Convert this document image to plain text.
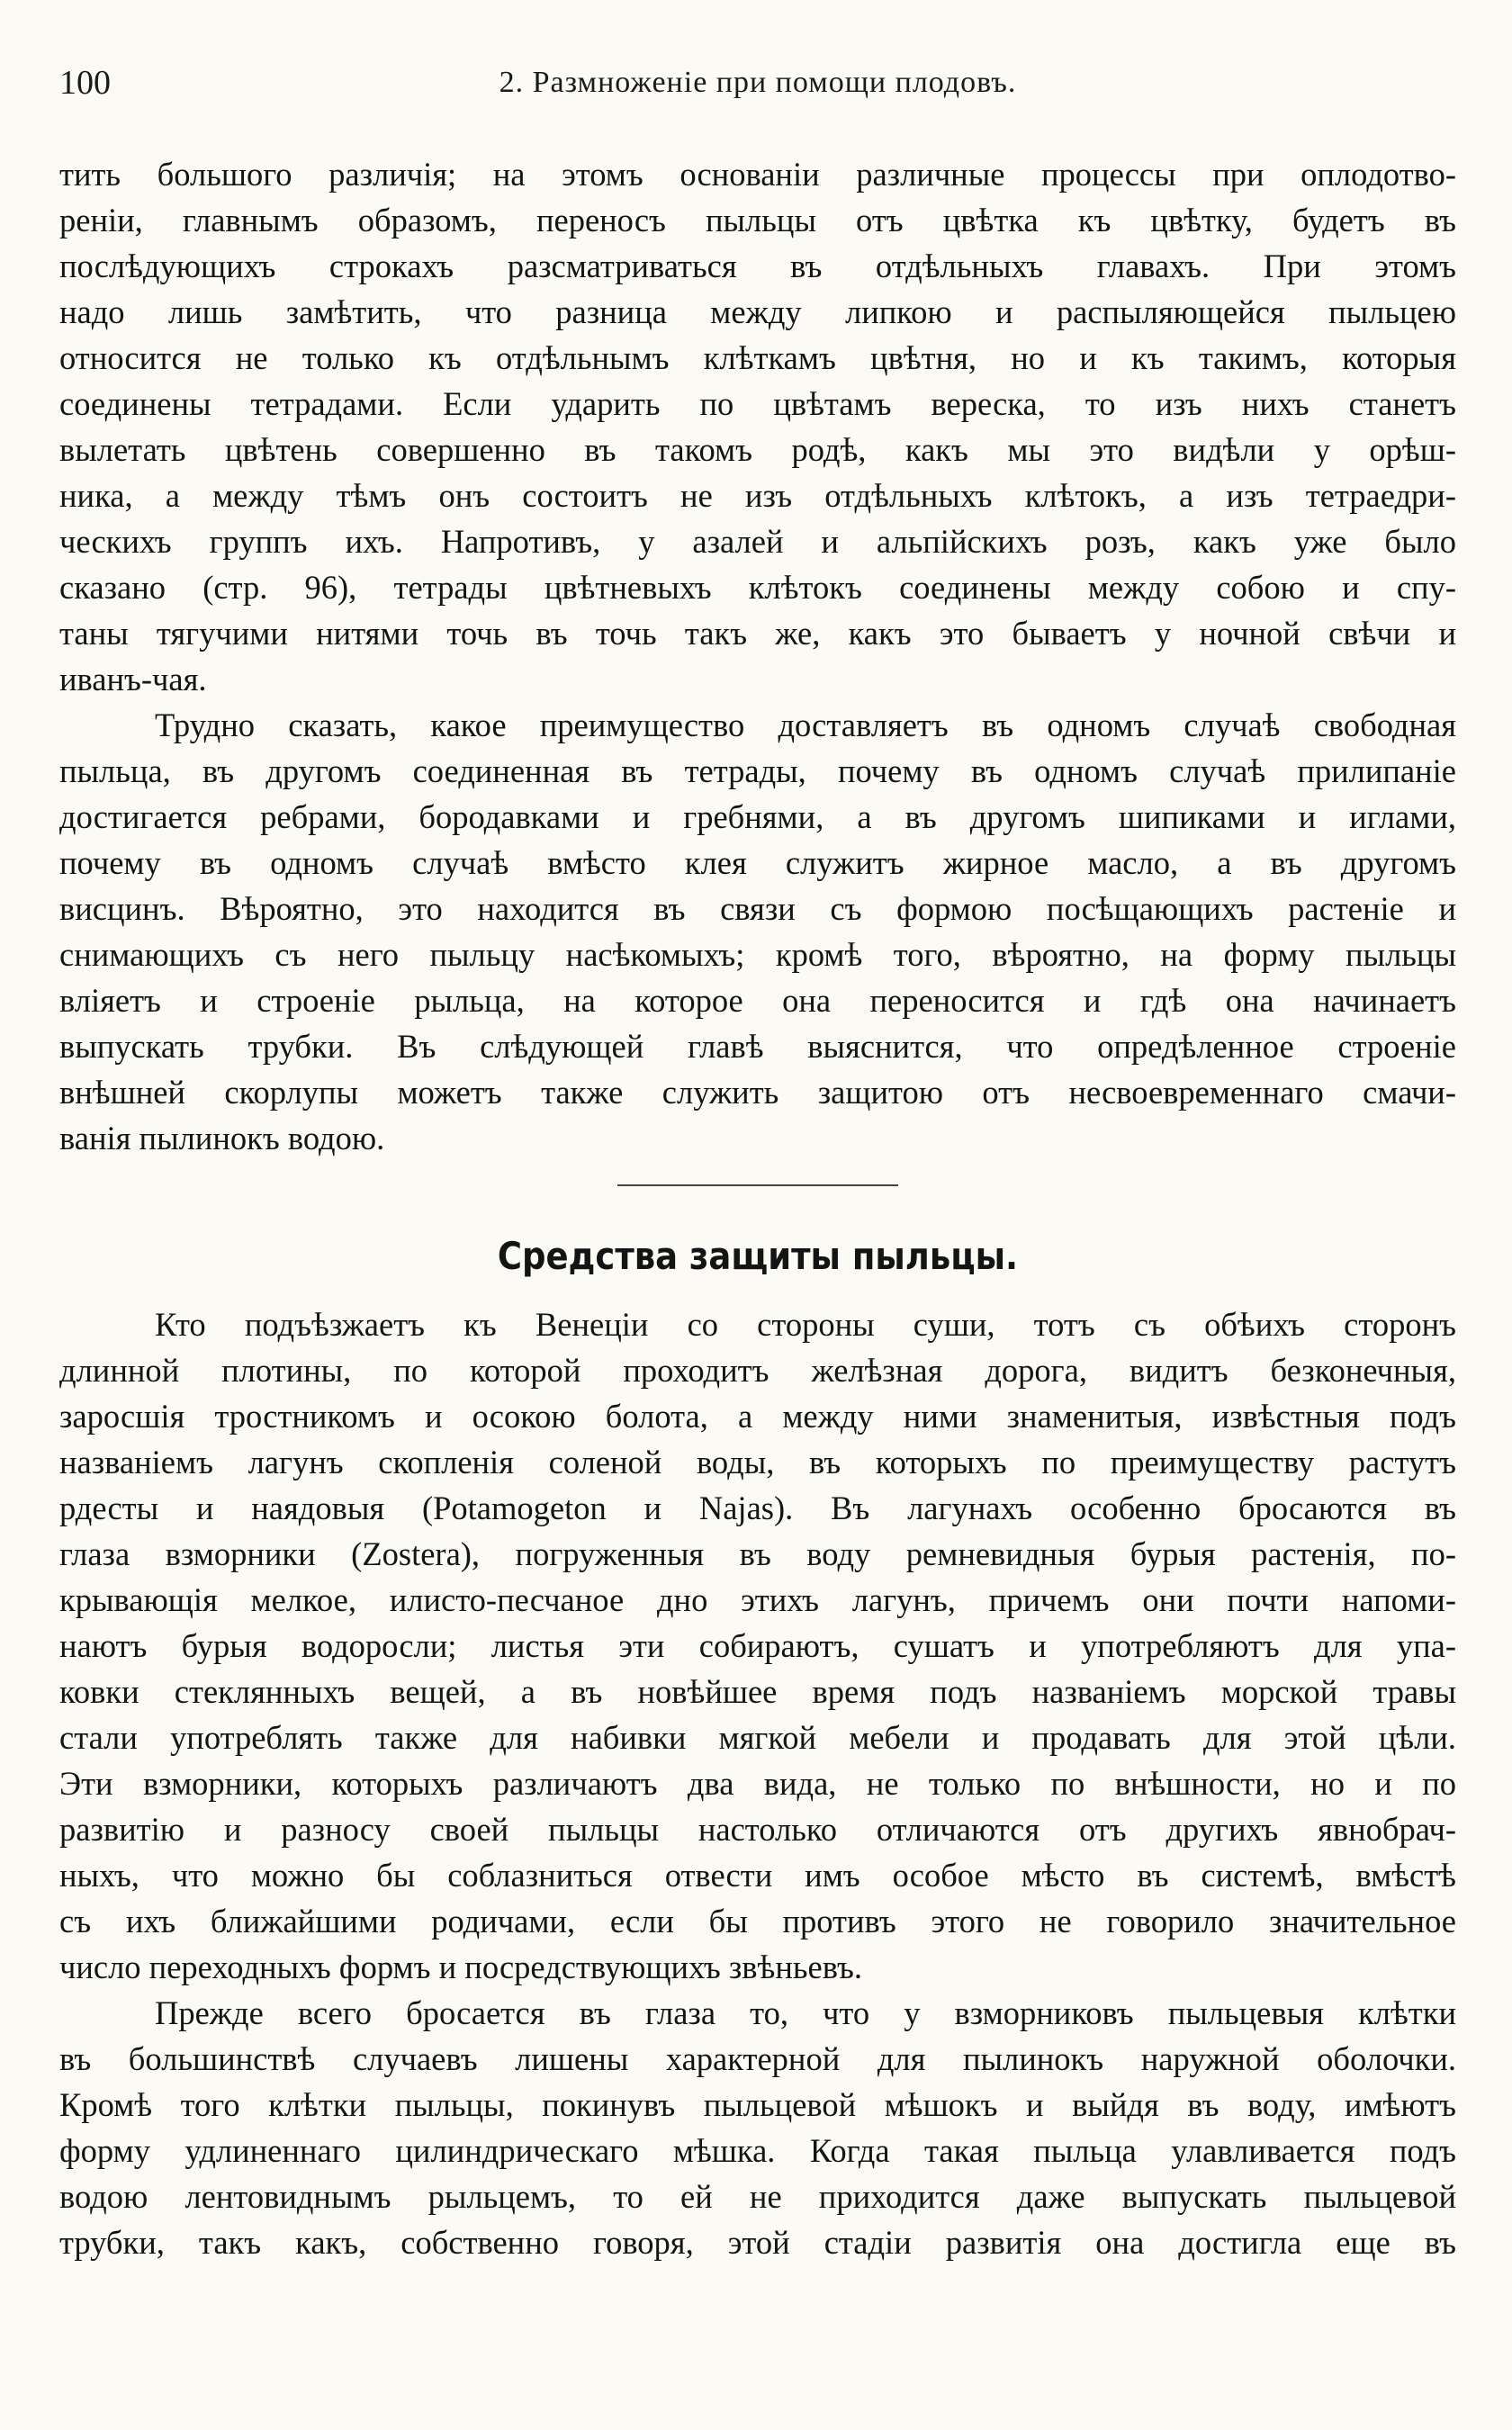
100	2. Размноженіе при помощи плодовъ.

тить большого различія; на этомъ основаніи различные процессы при оплодотво-

реніи, главнымъ образомъ, переносъ пыльцы отъ цвѣтка къ цвѣтку, будетъ въ

послѣдующихъ строкахъ разсматриваться въ отдѣльныхъ главахъ. При этомъ

надо лишь замѣтить, что разница между липкою и распыляющейся пыльцею

относится не только къ отдѣльнымъ клѣткамъ цвѣтня, но и къ такимъ, которыя

соединены тетрадами. Если ударить по цвѣтамъ вереска, то изъ нихъ станетъ

вылетать цвѣтень совершенно въ такомъ родѣ, какъ мы это видѣли у орѣш-

ника, а между тѣмъ онъ состоитъ не изъ отдѣльныхъ клѣтокъ, а изъ тетраедри-

ческихъ группъ ихъ. Напротивъ, у азалей и альпійскихъ розъ, какъ уже было

сказано (стр. 96), тетрады цвѣтневыхъ клѣтокъ соединены между собою и спу-

таны тягучими нитями точь въ точь такъ же, какъ это бываетъ у ночной свѣчи и

иванъ-чая.

Трудно сказать, какое преимущество доставляетъ въ одномъ случаѣ свободная

пыльца, въ другомъ соединенная въ тетрады, почему въ одномъ случаѣ прилипаніе

достигается ребрами, бородавками и гребнями, а въ другомъ шипиками и иглами,

почему въ одномъ случаѣ вмѣсто клея служитъ жирное масло, а въ другомъ

висцинъ. Вѣроятно, это находится въ связи съ формою посѣщающихъ растеніе и

снимающихъ съ него пыльцу насѣкомыхъ; кромѣ того, вѣроятно, на форму пыльцы

вліяетъ и строеніе рыльца, на которое она переносится и гдѣ она начинаетъ

выпускать трубки. Въ слѣдующей главѣ выяснится, что опредѣленное строеніе

внѣшней скорлупы можетъ также служить защитою отъ несвоевременнаго смачи-

ванія пылинокъ водою.

Средства защиты пыльцы.

Кто подъѣзжаетъ къ Венеціи со стороны суши, тотъ съ обѣихъ сторонъ

длинной плотины, по которой проходитъ желѣзная дорога, видитъ безконечныя,

заросшія тростникомъ и осокою болота, а между ними знаменитыя, извѣстныя подъ

названіемъ лагунъ скопленія соленой воды, въ которыхъ по преимуществу растутъ

рдесты и наядовыя (Potamogeton и Najas). Въ лагунахъ особенно бросаются въ

глаза взморники (Zostera), погруженныя въ воду ремневидныя бурыя растенія, по-

крывающія мелкое, илисто-песчаное дно этихъ лагунъ, причемъ они почти напоми-

наютъ бурыя водоросли; листья эти собираютъ, сушатъ и употребляютъ для упа-

ковки стеклянныхъ вещей, а въ новѣйшее время подъ названіемъ морской травы

стали употреблять также для набивки мягкой мебели и продавать для этой цѣли.

Эти взморники, которыхъ различаютъ два вида, не только по внѣшности, но и по

развитію и разносу своей пыльцы настолько отличаются отъ другихъ явнобрач-

ныхъ, что можно бы соблазниться отвести имъ особое мѣсто въ системѣ, вмѣстѣ

съ ихъ ближайшими родичами, если бы противъ этого не говорило значительное

число переходныхъ формъ и посредствующихъ звѣньевъ.

Прежде всего бросается въ глаза то, что у взморниковъ пыльцевыя клѣтки

въ большинствѣ случаевъ лишены характерной для пылинокъ наружной оболочки.

Кромѣ того клѣтки пыльцы, покинувъ пыльцевой мѣшокъ и выйдя въ воду, имѣютъ

форму удлиненнаго цилиндрическаго мѣшка. Когда такая пыльца улавливается подъ

водою лентовиднымъ рыльцемъ, то ей не приходится даже выпускать пыльцевой

трубки, такъ какъ, собственно говоря, этой стадіи развитія она достигла еще въ
